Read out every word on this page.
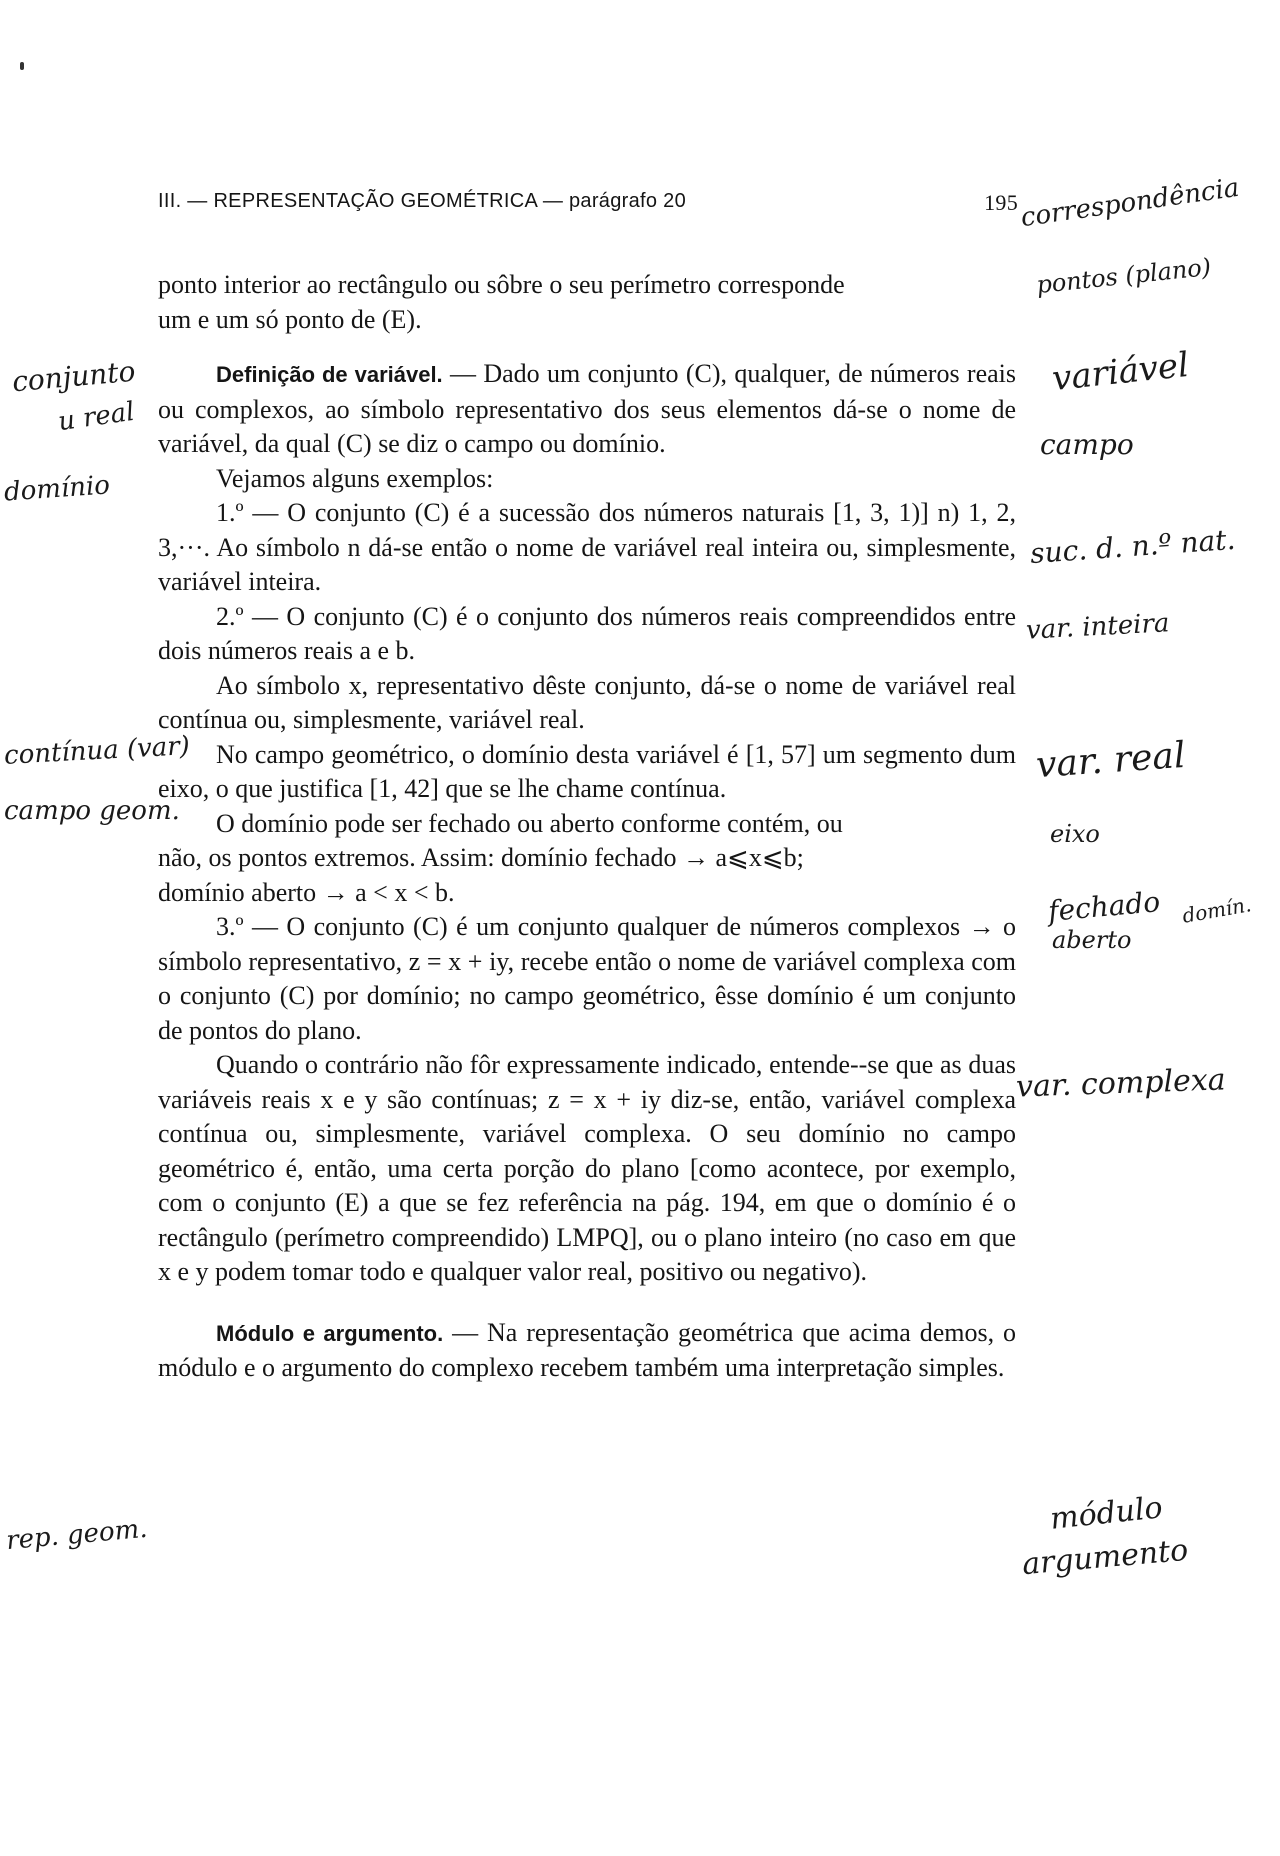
III. — REPRESENTAÇÃO GEOMÉTRICA — parágrafo 20	195

ponto interior ao rectângulo ou sôbre o seu perímetro corresponde

um e um só ponto de (E).

Definição de variável. — Dado um conjunto (C), qualquer, de números reais ou complexos, ao símbolo representativo dos seus elementos dá-se o nome de variável, da qual (C) se diz o campo ou domínio.

Vejamos alguns exemplos:

1.º — O conjunto (C) é a sucessão dos números naturais [1, 3, 1)] n) 1, 2, 3,···. Ao símbolo n dá-se então o nome de variável real inteira ou, simplesmente, variável inteira.

2.º — O conjunto (C) é o conjunto dos números reais compreendidos entre dois números reais a e b.

Ao símbolo x, representativo dêste conjunto, dá-se o nome de variável real contínua ou, simplesmente, variável real.

No campo geométrico, o domínio desta variável é [1, 57] um segmento dum eixo, o que justifica [1, 42] que se lhe chame contínua.

O domínio pode ser fechado ou aberto conforme contém, ou

não, os pontos extremos. Assim: domínio fechado → a⩽x⩽b;

domínio aberto → a < x < b.

3.º — O conjunto (C) é um conjunto qualquer de números complexos → o símbolo representativo, z = x + iy, recebe então o nome de variável complexa com o conjunto (C) por domínio; no campo geométrico, êsse domínio é um conjunto de pontos do plano.

Quando o contrário não fôr expressamente indicado, entende--se que as duas variáveis reais x e y são contínuas; z = x + iy diz-se, então, variável complexa contínua ou, simplesmente, variável complexa. O seu domínio no campo geométrico é, então, uma certa porção do plano [como acontece, por exemplo, com o conjunto (E) a que se fez referência na pág. 194, em que o domínio é o rectângulo (perímetro compreendido) LMPQ], ou o plano inteiro (no caso em que x e y podem tomar todo e qualquer valor real, positivo ou negativo).

Módulo e argumento. — Na representação geométrica que acima demos, o módulo e o argumento do complexo recebem também uma interpretação simples.

correspondência
pontos (plano)
conjunto
u real
domínio
variável
campo
suc. d. n.º nat.
var. inteira
contínua (var)
campo geom.
var. real
eixo
fechado
aberto
domín.
var. complexa
rep. geom.	módulo
argumento
